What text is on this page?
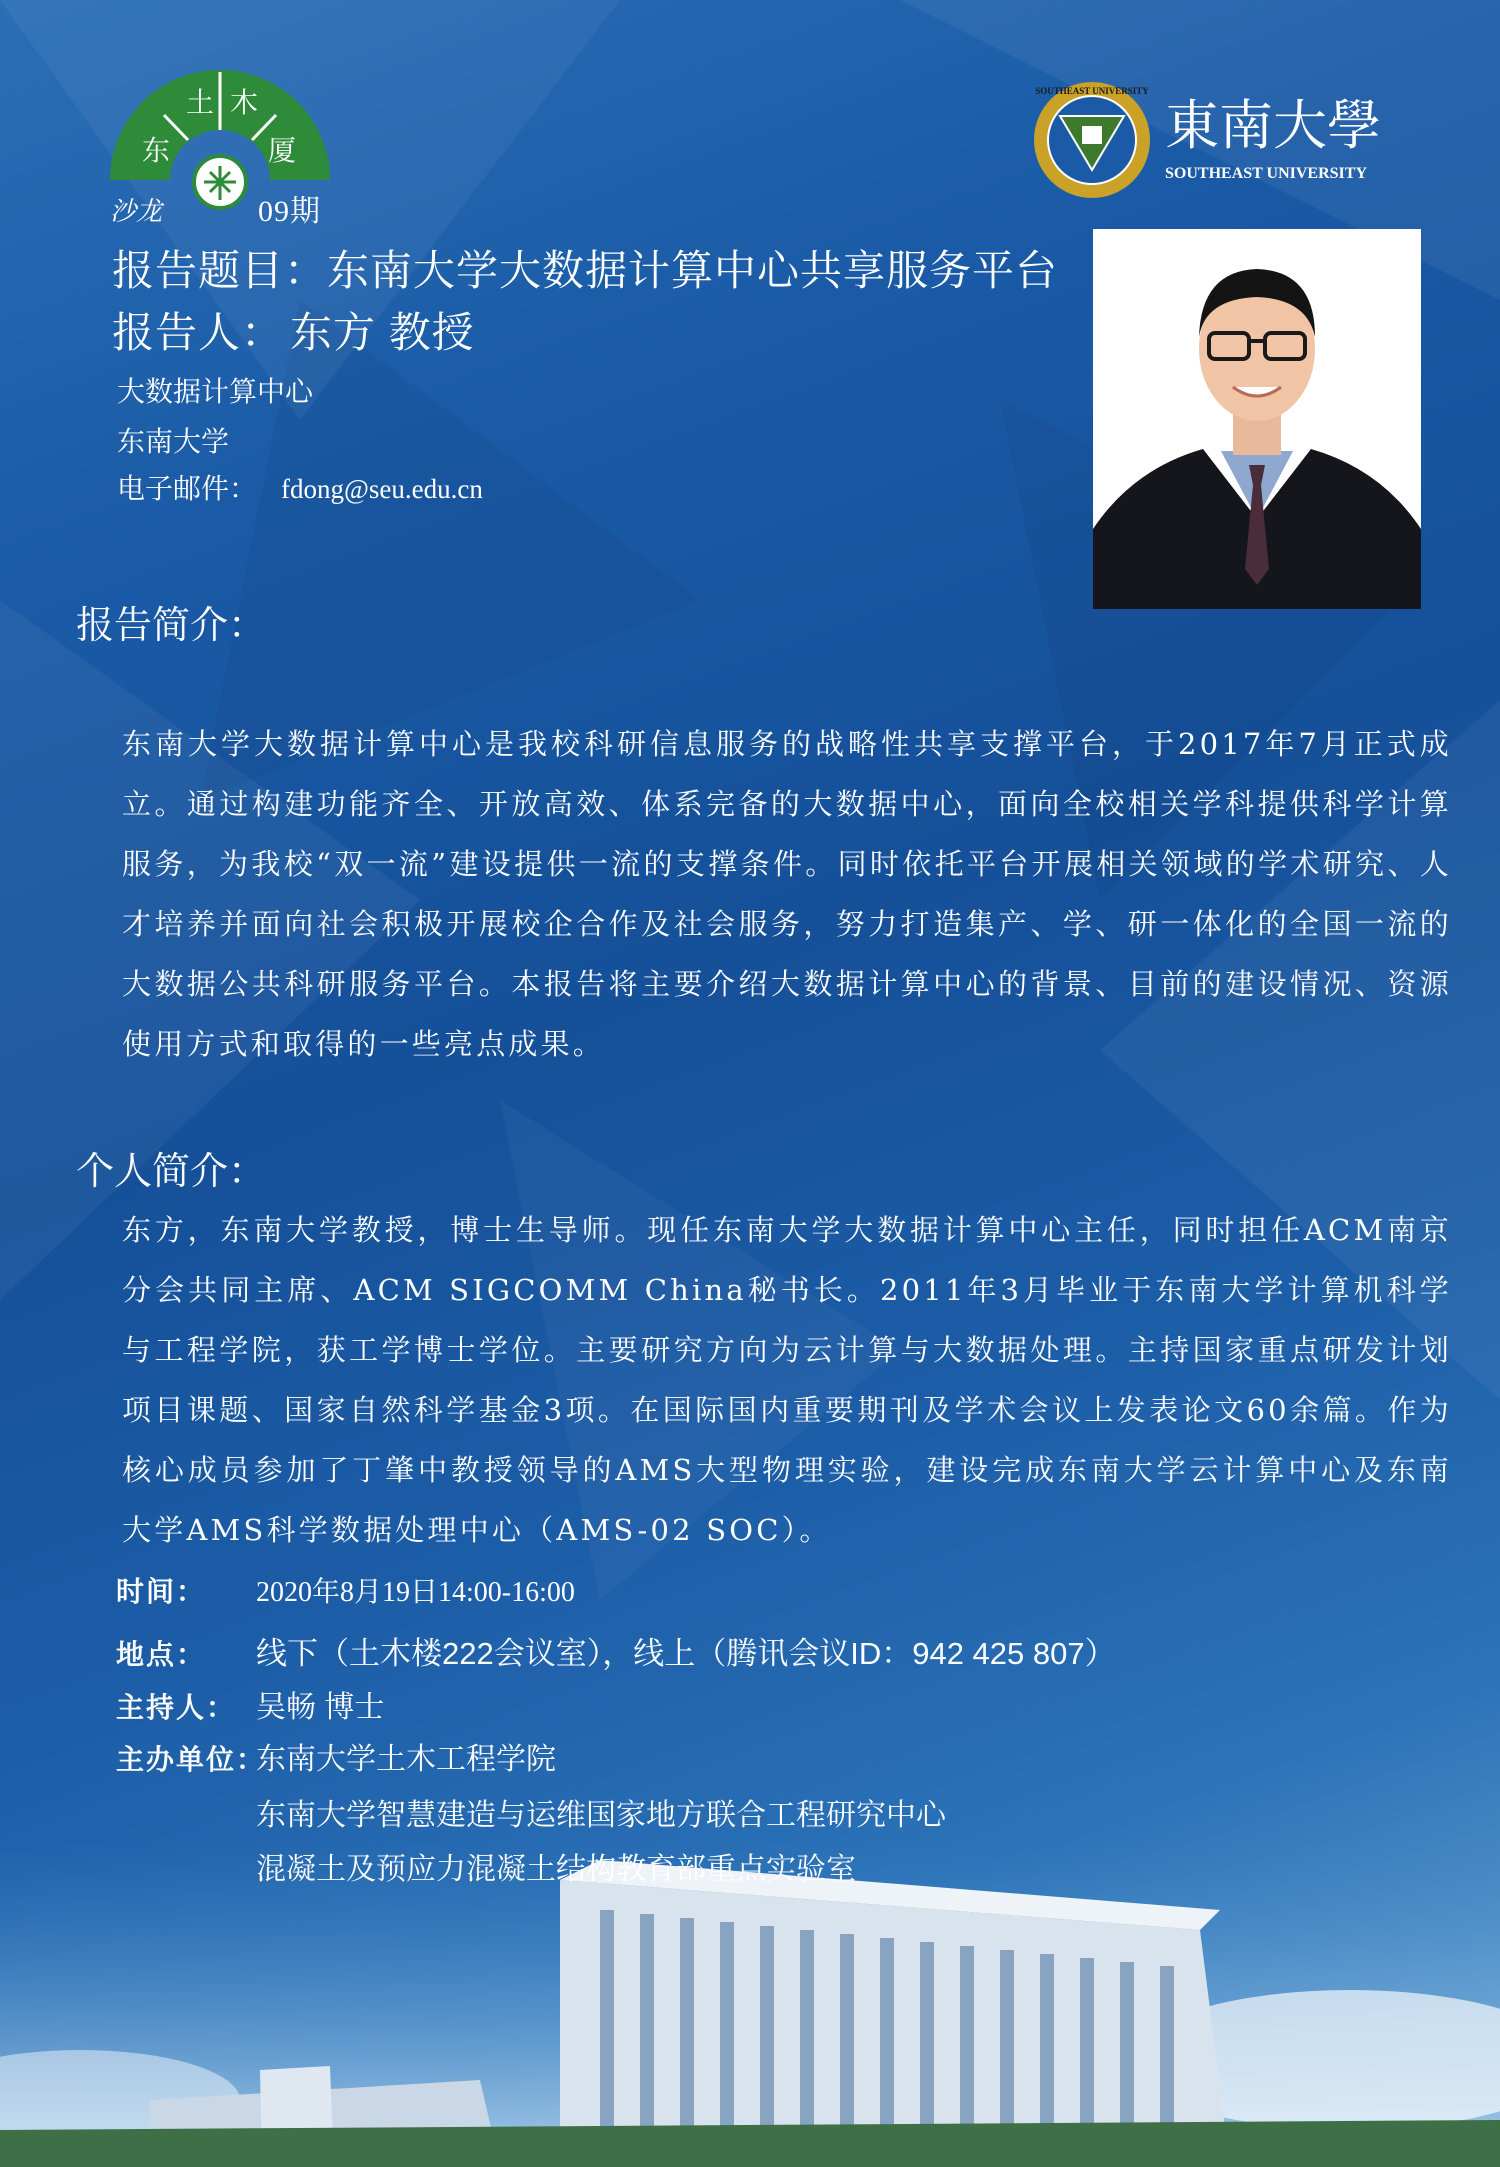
东
土 木
厦
沙龙	09期
SOUTHEAST UNIVERSITY
東南大學
SOUTHEAST UNIVERSITY
报告题目：东南大学大数据计算中心共享服务平台
报告人： 东方 教授
大数据计算中心
东南大学
电子邮件： fdong@seu.edu.cn
报告简介：
东南大学大数据计算中心是我校科研信息服务的战略性共享支撑平台，于2017年7月正式成立。通过构建功能齐全、开放高效、体系完备的大数据中心，面向全校相关学科提供科学计算服务，为我校“双一流”建设提供一流的支撑条件。同时依托平台开展相关领域的学术研究、人才培养并面向社会积极开展校企合作及社会服务，努力打造集产、学、研一体化的全国一流的大数据公共科研服务平台。本报告将主要介绍大数据计算中心的背景、目前的建设情况、资源使用方式和取得的一些亮点成果。
个人简介：
东方，东南大学教授，博士生导师。现任东南大学大数据计算中心主任，同时担任ACM南京分会共同主席、ACM SIGCOMM China秘书长。2011年3月毕业于东南大学计算机科学与工程学院，获工学博士学位。主要研究方向为云计算与大数据处理。主持国家重点研发计划项目课题、国家自然科学基金3项。在国际国内重要期刊及学术会议上发表论文60余篇。作为核心成员参加了丁肇中教授领导的AMS大型物理实验，建设完成东南大学云计算中心及东南大学AMS科学数据处理中心（AMS-02 SOC）。
时间：	2020年8月19日14:00-16:00
地点：	线下（土木楼222会议室），线上（腾讯会议ID：942 425 807）
主持人： 吴畅 博士
主办单位：
东南大学土木工程学院
东南大学智慧建造与运维国家地方联合工程研究中心
混凝土及预应力混凝土结构教育部重点实验室
